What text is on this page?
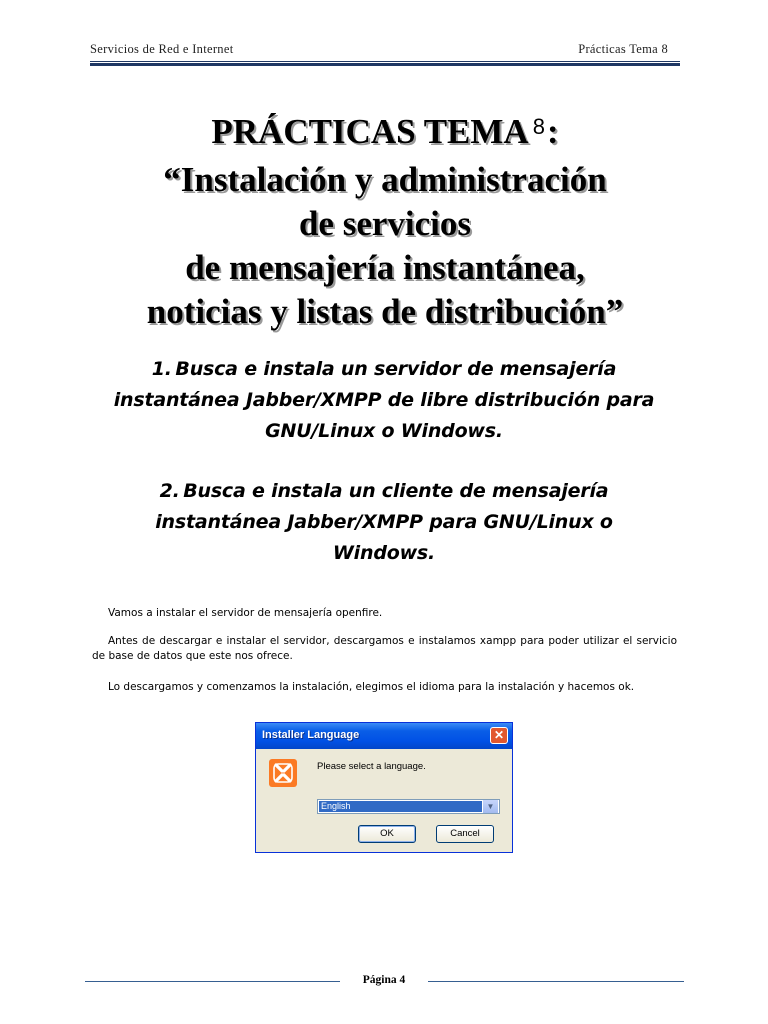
Servicios de Red e Internet	Prácticas Tema 8
PRÁCTICAS TEMA $^8$:
“Instalación y administración
de servicios
de mensajería instantánea,
noticias y listas de distribución”
1.  Busca e instala un servidor de mensajería
instantánea Jabber/XMPP de libre distribución para
GNU/Linux o Windows.
2.  Busca e instala un cliente de mensajería
instantánea Jabber/XMPP para GNU/Linux o
Windows.
Vamos a instalar el servidor de mensajería openfire.
Antes de descargar e instalar el servidor, descargamos e instalamos xampp para poder utilizar el servicio de base de datos que este nos ofrece.
Lo descargamos y comenzamos la instalación, elegimos el idioma para la instalación y hacemos ok.
Installer Language	✕
Please select a language.
English	▼
OK	Cancel
Página 4
